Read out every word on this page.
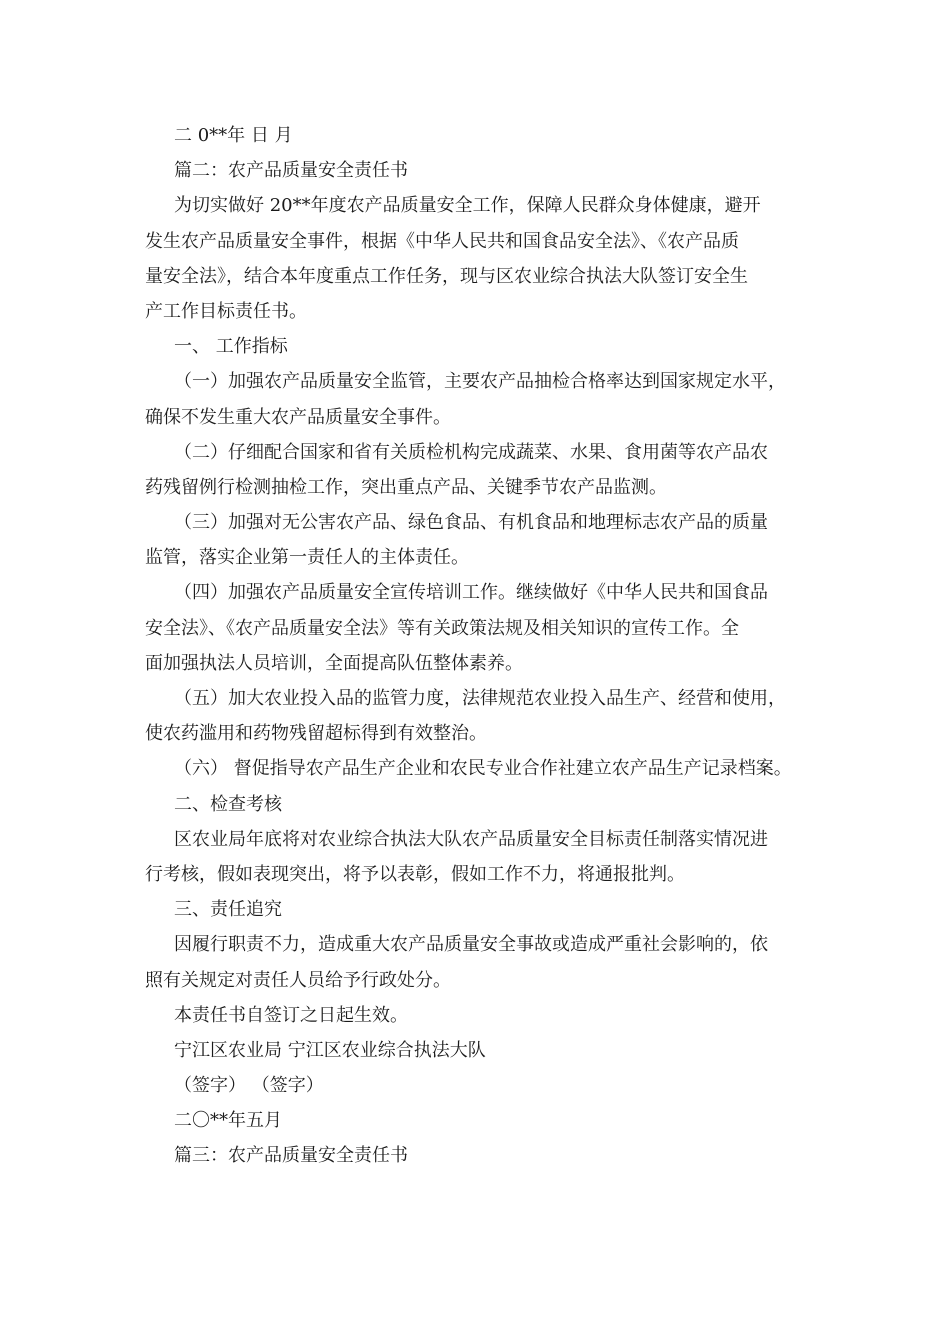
二 0**年 日 月
篇二：农产品质量安全责任书
为切实做好 20**年度农产品质量安全工作，保障人民群众身体健康，避开
发生农产品质量安全事件，根据《中华人民共和国食品安全法》、《农产品质
量安全法》，结合本年度重点工作任务，现与区农业综合执法大队签订安全生
产工作目标责任书。
一、 工作指标
（一）加强农产品质量安全监管，主要农产品抽检合格率达到国家规定水平，
确保不发生重大农产品质量安全事件。
（二）仔细配合国家和省有关质检机构完成蔬菜、水果、食用菌等农产品农
药残留例行检测抽检工作，突出重点产品、关键季节农产品监测。
（三）加强对无公害农产品、绿色食品、有机食品和地理标志农产品的质量
监管，落实企业第一责任人的主体责任。
（四）加强农产品质量安全宣传培训工作。继续做好《中华人民共和国食品
安全法》、《农产品质量安全法》等有关政策法规及相关知识的宣传工作。全
面加强执法人员培训，全面提高队伍整体素养。
（五）加大农业投入品的监管力度，法律规范农业投入品生产、经营和使用，
使农药滥用和药物残留超标得到有效整治。
（六） 督促指导农产品生产企业和农民专业合作社建立农产品生产记录档案。
二、检查考核
区农业局年底将对农业综合执法大队农产品质量安全目标责任制落实情况进
行考核，假如表现突出，将予以表彰，假如工作不力，将通报批判。
三、责任追究
因履行职责不力，造成重大农产品质量安全事故或造成严重社会影响的，依
照有关规定对责任人员给予行政处分。
本责任书自签订之日起生效。
宁江区农业局 宁江区农业综合执法大队
（签字） （签字）
二〇**年五月
篇三：农产品质量安全责任书
